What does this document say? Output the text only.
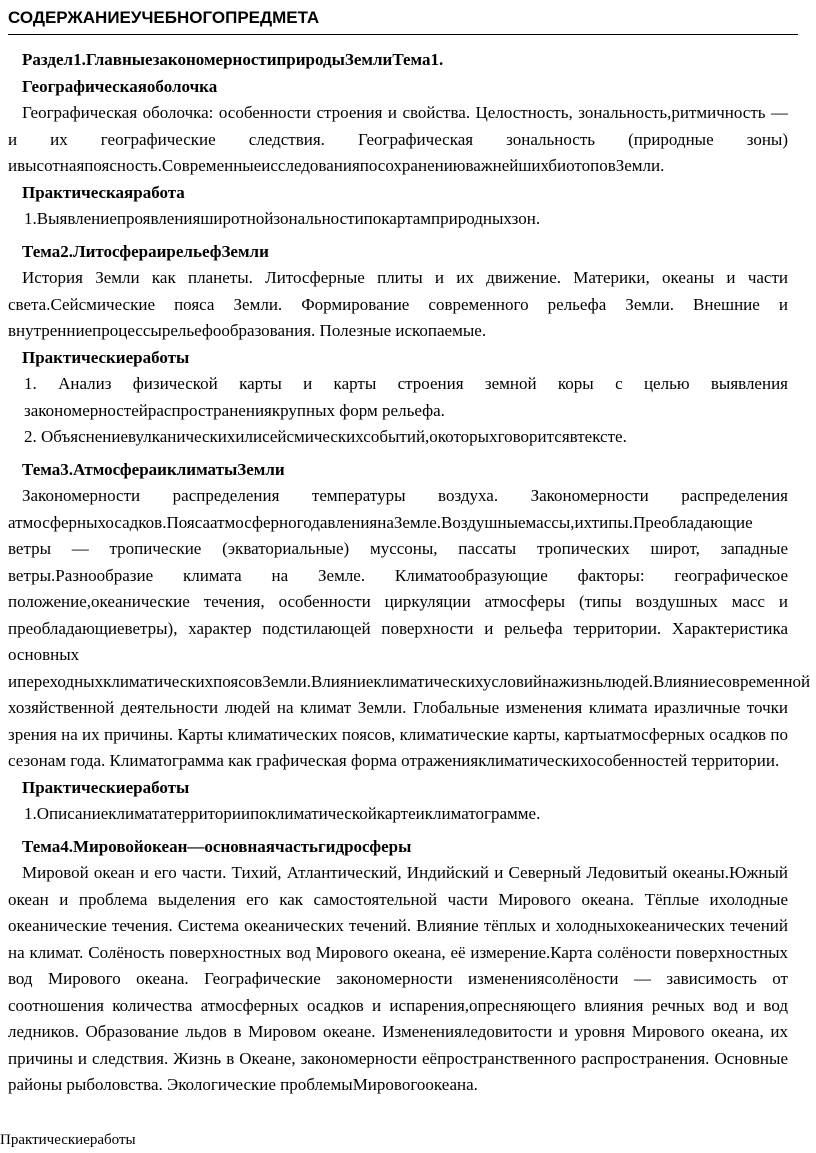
СОДЕРЖАНИЕУЧЕБНОГОПРЕДМЕТА
Раздел1.ГлавныезакономерностиприродыЗемлиТема1.
Географическаяоболочка
Географическая оболочка: особенности строения и свойства. Целостность, зональность,ритмичность — и их географические следствия. Географическая зональность (природные зоны) ивысотнаяпоясность.СовременныеисследованияпосохранениюважнейшихбиотоповЗемли.
Практическаяработа
1.Выявлениепроявленияширотнойзональностипокартамприродныхзон.
Тема2.ЛитосфераирельефЗемли
История Земли как планеты. Литосферные плиты и их движение. Материки, океаны и части света.Сейсмические пояса Земли. Формирование современного рельефа Земли. Внешние и внутренниепроцессырельефообразования. Полезные ископаемые.
Практическиеработы
1. Анализ физической карты и карты строения земной коры с целью выявления закономерностейраспространениякрупных форм рельефа.
2. Объяснениевулканическихилисейсмическихсобытий,окоторыхговоритсявтексте.
Тема3.АтмосфераиклиматыЗемли
Закономерности распределения температуры воздуха. Закономерности распределения атмосферныхосадков.ПоясаатмосферногодавлениянаЗемле.Воздушныемассы,ихтипы.Преобладающие ветры — тропические (экваториальные) муссоны, пассаты тропических широт, западные ветры.Разнообразие климата на Земле. Климатообразующие факторы: географическое положение,океанические течения, особенности циркуляции атмосферы (типы воздушных масс и преобладающиеветры), характер подстилающей поверхности и рельефа территории. Характеристика основных ипереходныхклиматическихпоясовЗемли.Влияниеклиматическихусловийнажизньлюдей.Влияниесовременной хозяйственной деятельности людей на климат Земли. Глобальные изменения климата иразличные точки зрения на их причины. Карты климатических поясов, климатические карты, картыатмосферных осадков по сезонам года. Климатограмма как графическая форма отраженияклиматическихособенностей территории.
Практическиеработы
1.Описаниеклимататерриториипоклиматическойкартеиклиматограмме.
Тема4.Мировойокеан—основнаячастьгидросферы
Мировой океан и его части. Тихий, Атлантический, Индийский и Северный Ледовитый океаны.Южный океан и проблема выделения его как самостоятельной части Мирового океана. Тёплые ихолодные океанические течения. Система океанических течений. Влияние тёплых и холодныхокеанических течений на климат. Солёность поверхностных вод Мирового океана, её измерение.Карта солёности поверхностных вод Мирового океана. Географические закономерности изменениясолёности — зависимость от соотношения количества атмосферных осадков и испарения,опресняющего влияния речных вод и вод ледников. Образование льдов в Мировом океане. Измененияледовитости и уровня Мирового океана, их причины и следствия. Жизнь в Океане, закономерности еёпространственного распространения. Основные районы рыболовства. Экологические проблемыМировогоокеана.
Практическиеработы
